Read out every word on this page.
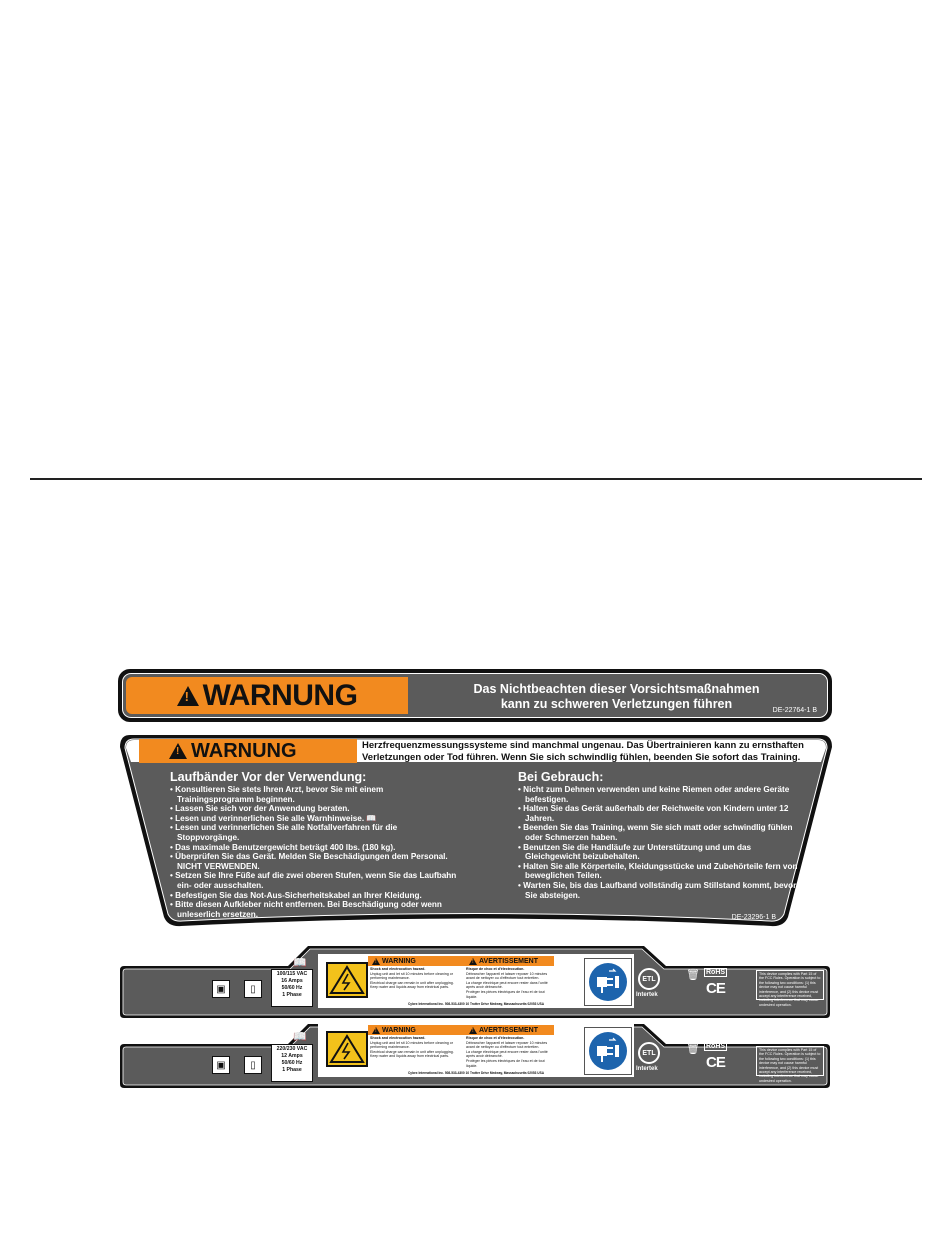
!
WARNUNG	Das Nichtbeachten dieser Vorsichtsmaßnahmen
kann zu schweren Verletzungen führen	DE-22764-1 B
!
WARNUNG	Herzfrequenzmessungssysteme sind manchmal ungenau. Das Übertrainieren kann zu ernsthaften
Verletzungen oder Tod führen. Wenn Sie sich schwindlig fühlen, beenden Sie sofort das Training.
Laufbänder Vor der Verwendung:
• Konsultieren Sie stets Ihren Arzt, bevor Sie mit einem Trainingsprogramm beginnen.
• Lassen Sie sich vor der Anwendung beraten.
• Lesen und verinnerlichen Sie alle Warnhinweise. 📖
• Lesen und verinnerlichen Sie alle Notfallverfahren für die Stoppvorgänge.
• Das maximale Benutzergewicht beträgt 400 lbs. (180 kg).
• Überprüfen Sie das Gerät. Melden Sie Beschädigungen dem Personal. NICHT VERWENDEN.
• Setzen Sie Ihre Füße auf die zwei oberen Stufen, wenn Sie das Laufbahn ein- oder ausschalten.
• Befestigen Sie das Not-Aus-Sicherheitskabel an Ihrer Kleidung.
• Bitte diesen Aufkleber nicht entfernen. Bei Beschädigung oder wenn unleserlich ersetzen.
Bei Gebrauch:
• Nicht zum Dehnen verwenden und keine Riemen oder andere Geräte befestigen.
• Halten Sie das Gerät außerhalb der Reichweite von Kindern unter 12 Jahren.
• Beenden Sie das Training, wenn Sie sich matt oder schwindlig fühlen oder Schmerzen haben.
• Benutzen Sie die Handläufe zur Unterstützung und um das Gleichgewicht beizubehalten.
• Halten Sie alle Körperteile, Kleidungsstücke und Zubehörteile fern von beweglichen Teilen.
• Warten Sie, bis das Laufband vollständig zum Stillstand kommt, bevor Sie absteigen.
DE-23296-1 B
📖
▣	▯
100/115 VAC
16 Amps
50/60 Hz
1 Phase
!
WARNING !	AVERTISSEMENT
Shock and electrocution hazard.
Unplug unit and let sit 10 minutes before cleaning or performing maintenance.
Electrical charge can remain in unit after unplugging.
Keep water and liquids away from electrical parts.
Risque de choc et d'électrocution.
Débrancher l'appareil et laisser reposer 10 minutes avant de nettoyer ou d'effectuer tout entretien.
La charge électrique peut encore rester dans l'unité après avoir débranché.
Protéger les pièces électriques de l'eau et de tout liquide.
Cybex International Inc. 508-533-4300 10 Trotter Drive Medway, Massachusetts 02053 USA
ETL
Intertek
🗑 RoHS
CE
This device complies with Part 15 of the FCC Rules. Operation is subject to the following two conditions: (1) this device may not cause harmful interference, and (2) this device must accept any interference received, including interference that may cause undesired operation.
📖
▣	▯
220/230 VAC
12 Amps
50/60 Hz
1 Phase
!
WARNING !	AVERTISSEMENT
Shock and electrocution hazard.
Unplug unit and let sit 10 minutes before cleaning or performing maintenance.
Electrical charge can remain in unit after unplugging.
Keep water and liquids away from electrical parts.
Risque de choc et d'électrocution.
Débrancher l'appareil et laisser reposer 10 minutes avant de nettoyer ou d'effectuer tout entretien.
La charge électrique peut encore rester dans l'unité après avoir débranché.
Protéger les pièces électriques de l'eau et de tout liquide.
Cybex International Inc. 508-533-4300 10 Trotter Drive Medway, Massachusetts 02053 USA
ETL
Intertek
🗑 RoHS
CE
This device complies with Part 15 of the FCC Rules. Operation is subject to the following two conditions: (1) this device may not cause harmful interference, and (2) this device must accept any interference received, including interference that may cause undesired operation.
